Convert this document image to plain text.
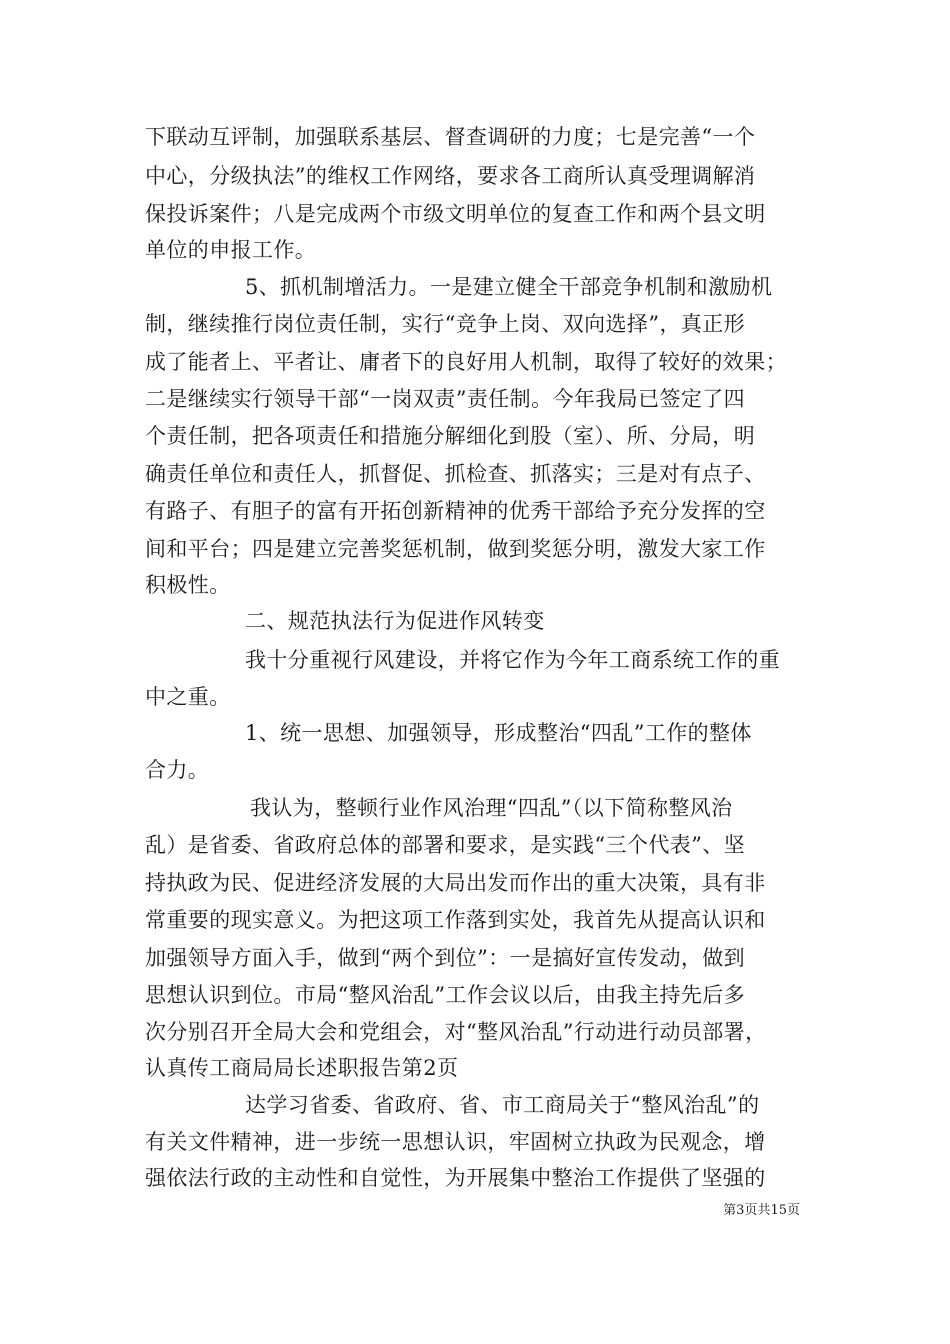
下联动互评制，加强联系基层、督查调研的力度；七是完善“一个
中心，分级执法”的维权工作网络，要求各工商所认真受理调解消
保投诉案件；八是完成两个市级文明单位的复查工作和两个县文明
单位的申报工作。
5、抓机制增活力。一是建立健全干部竞争机制和激励机
制，继续推行岗位责任制，实行“竞争上岗、双向选择”，真正形
成了能者上、平者让、庸者下的良好用人机制，取得了较好的效果；
二是继续实行领导干部“一岗双责”责任制。今年我局已签定了四
个责任制，把各项责任和措施分解细化到股（室）、所、分局，明
确责任单位和责任人，抓督促、抓检查、抓落实；三是对有点子、
有路子、有胆子的富有开拓创新精神的优秀干部给予充分发挥的空
间和平台；四是建立完善奖惩机制，做到奖惩分明，激发大家工作
积极性。
二、规范执法行为促进作风转变
我十分重视行风建设，并将它作为今年工商系统工作的重
中之重。
1、统一思想、加强领导，形成整治“四乱”工作的整体
合力。
我认为，整顿行业作风治理“四乱”（以下简称整风治
乱）是省委、省政府总体的部署和要求，是实践“三个代表”、坚
持执政为民、促进经济发展的大局出发而作出的重大决策，具有非
常重要的现实意义。为把这项工作落到实处，我首先从提高认识和
加强领导方面入手，做到“两个到位”：一是搞好宣传发动，做到
思想认识到位。市局“整风治乱”工作会议以后，由我主持先后多
次分别召开全局大会和党组会，对“整风治乱”行动进行动员部署，
认真传工商局局长述职报告第2页
达学习省委、省政府、省、市工商局关于“整风治乱”的
有关文件精神，进一步统一思想认识，牢固树立执政为民观念，增
强依法行政的主动性和自觉性，为开展集中整治工作提供了坚强的
第3页共15页
